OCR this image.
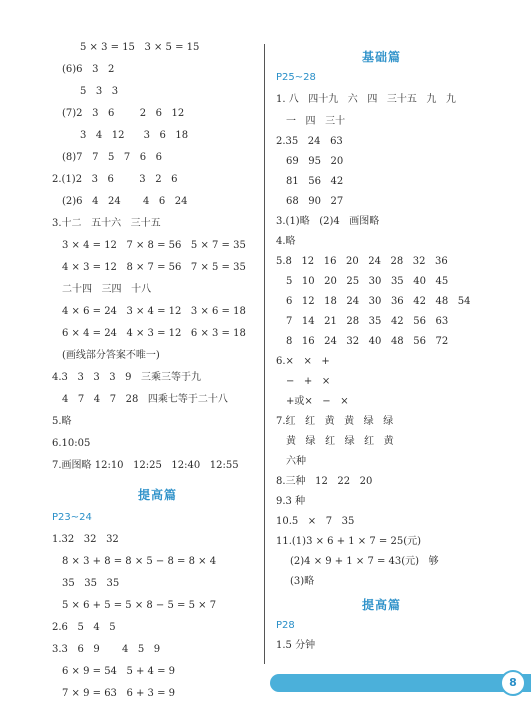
5 × 3 = 15   3 × 5 = 15
(6)6   3   2
5   3   3
(7)2   3   6        2   6   12
3   4   12      3   6   18
(8)7   7   5   7   6   6
2.(1)2   3   6        3   2   6
(2)6   4   24       4   6   24
3.十二   五十六   三十五
3 × 4 = 12   7 × 8 = 56   5 × 7 = 35
4 × 3 = 12   8 × 7 = 56   7 × 5 = 35
二十四   三四   十八
4 × 6 = 24   3 × 4 = 12   3 × 6 = 18
6 × 4 = 24   4 × 3 = 12   6 × 3 = 18
(画线部分答案不唯一)
4.3   3   3   3   9   三乘三等于九
4   7   4   7   28   四乘七等于二十八
5.略
6.10:05
7.画图略 12:10   12:25   12:40   12:55
提高篇
P23~24
1.32   32   32
8 × 3 + 8 = 8 × 5 − 8 = 8 × 4
35   35   35
5 × 6 + 5 = 5 × 8 − 5 = 5 × 7
2.6   5   4   5
3.3   6   9       4   5   9
6 × 9 = 54   5 + 4 = 9
7 × 9 = 63   6 + 3 = 9
基础篇
P25~28
1. 八   四十九   六   四   三十五   九   九
一   四   三十
2.35   24   63
69   95   20
81   56   42
68   90   27
3.(1)略   (2)4   画图略
4.略
5.8   12   16   20   24   28   32   36
5   10   20   25   30   35   40   45
6   12   18   24   30   36   42   48   54
7   14   21   28   35   42   56   63
8   16   24   32   40   48   56   72
6.×   ×   +
−   +   ×
+或×   −   ×
7.红   红   黄   黄   绿   绿
黄   绿   红   绿   红   黄
六种
8.三种   12   22   20
9.3 种
10.5   ×   7   35
11.(1)3 × 6 + 1 × 7 = 25(元)
(2)4 × 9 + 1 × 7 = 43(元)   够
(3)略
提高篇
P28
1.5 分钟
8
